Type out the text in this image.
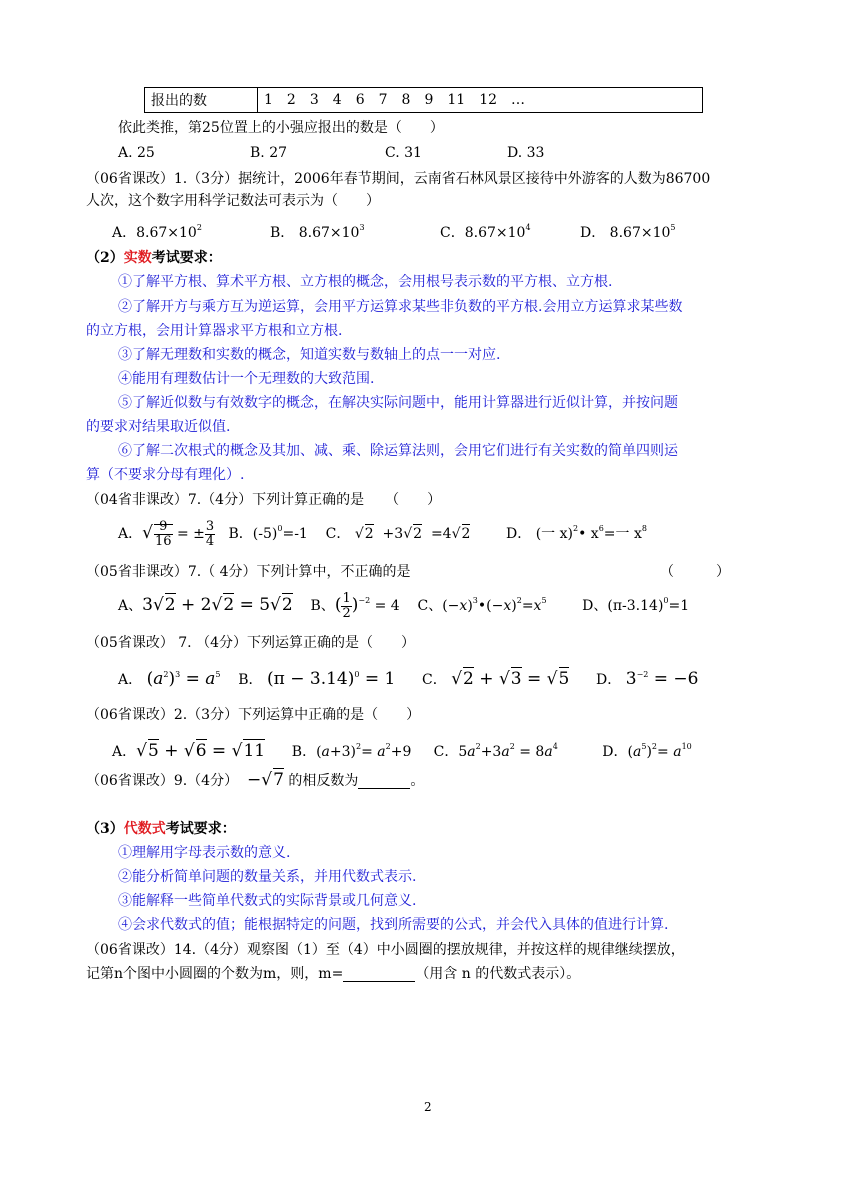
报出的数	1 2 3 4 6 7 8 9 11 12 …
依此类推，第25位置上的小强应报出的数是（　　）
A. 25	B. 27	C. 31	D. 33
（06省课改）1.（3分）据统计，2006年春节期间，云南省石林风景区接待中外游客的人数为86700
人次，这个数字用科学记数法可表示为（　　）
A．$8.67\times 10^2$	B． $8.67\times 10^3$	C．$8.67\times 10^4$	D． $8.67\times 10^5$
（2）实数考试要求：
①了解平方根、算术平方根、立方根的概念，会用根号表示数的平方根、立方根.
②了解开方与乘方互为逆运算，会用平方运算求某些非负数的平方根.会用立方运算求某些数
的立方根，会用计算器求平方根和立方根.
③了解无理数和实数的概念，知道实数与数轴上的点一一对应.
④能用有理数估计一个无理数的大致范围.
⑤了解近似数与有效数字的概念，在解决实际问题中，能用计算器进行近似计算，并按问题
的要求对结果取近似值.
⑥了解二次根式的概念及其加、减、乘、除运算法则，会用它们进行有关实数的简单四则运
算（不要求分母有理化）.
（04省非课改）7.（4分）下列计算正确的是　　（　　）
A．√ $\frac{9}{16}$ = ± $\frac{3}{4}$ B．$(-5)^0=-1$    C． √2  +3√2  =4√2        D． (一 x)$^2$• $x^6=$一 $x^8$
（05省非课改）7.（ 4分）下列计算中，不正确的是	（　　　）
A、3√2 + 2√2 = 5√2    B、( $\frac{1}{2} )^{-2} = 4$    C、$(-x)^3•(-x)^2=x^5$        D、$(\pi-3.14)^0=1$
（05省课改） 7. （4分）下列运算正确的是（　　）
A． $(a^2)^3 = a^5$    B． $(\pi - 3.14)^0 = 1$      C． √2 + √3 = √5      D． $3^{-2} = -6$
（06省课改）2.（3分）下列运算中正确的是（　　）
A．√5 + √6 = √11      B．$(a+3)^2= a^2+9$     C．$5a^2+3a^2 = 8a^4$          D．$(a^5)^2= a^{10}$
（06省课改）9.（4分） −√7 的相反数为	。
（3）代数式考试要求：
①理解用字母表示数的意义.
②能分析简单问题的数量关系，并用代数式表示.
③能解释一些简单代数式的实际背景或几何意义.
④会求代数式的值；能根据特定的问题，找到所需要的公式，并会代入具体的值进行计算.
（06省课改）14.（4分）观察图（1）至（4）中小圆圈的摆放规律，并按这样的规律继续摆放，
记第n个图中小圆圈的个数为m，则，m=	（用含 n 的代数式表示）。
2
